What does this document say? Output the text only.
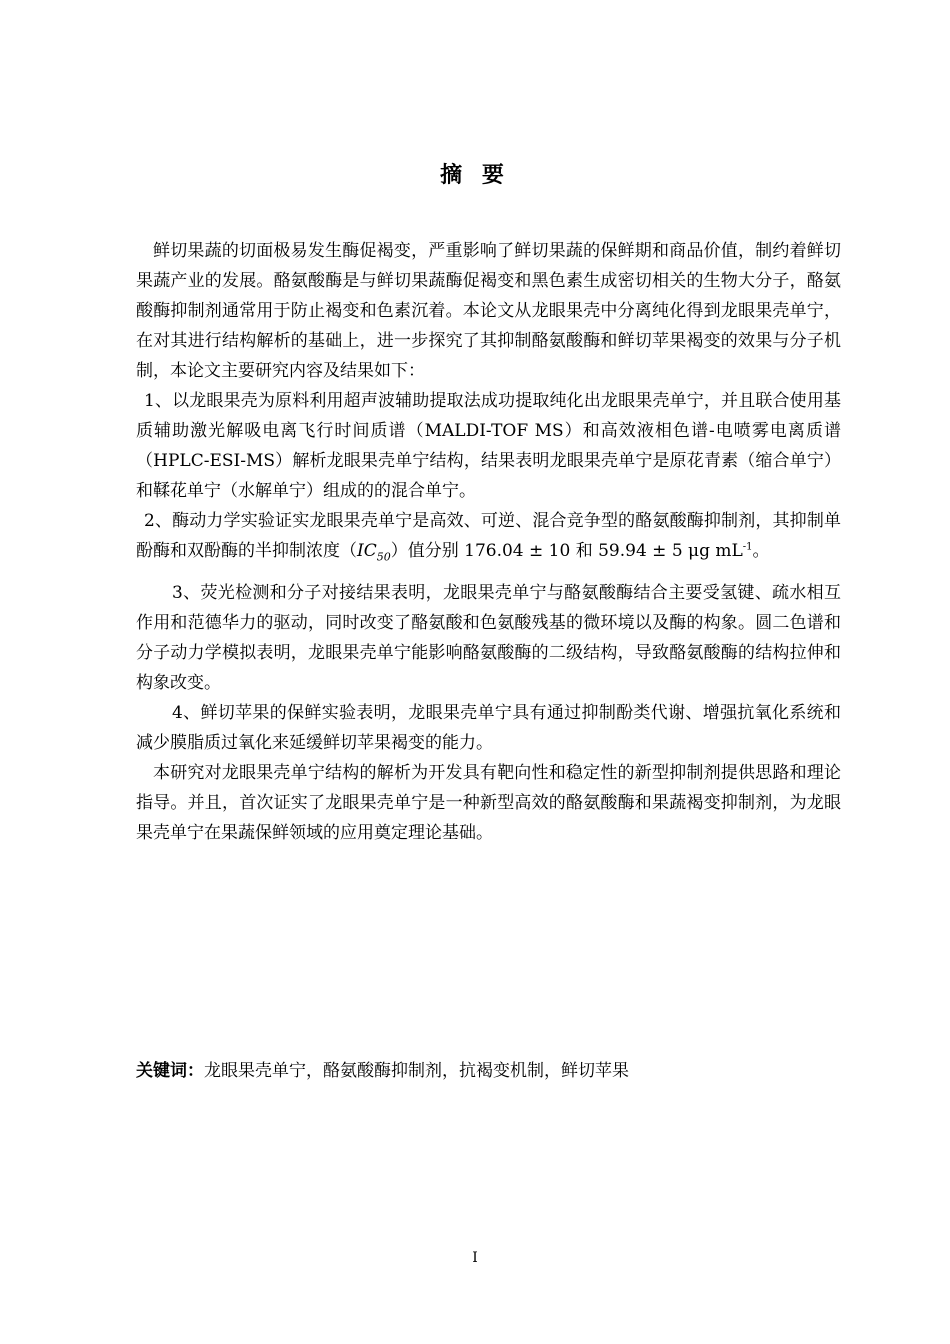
摘 要

鲜切果蔬的切面极易发生酶促褐变，严重影响了鲜切果蔬的保鲜期和商品价值，制约着鲜切果蔬产业的发展。酪氨酸酶是与鲜切果蔬酶促褐变和黑色素生成密切相关的生物大分子，酪氨酸酶抑制剂通常用于防止褐变和色素沉着。本论文从龙眼果壳中分离纯化得到龙眼果壳单宁，在对其进行结构解析的基础上，进一步探究了其抑制酪氨酸酶和鲜切苹果褐变的效果与分子机制，本论文主要研究内容及结果如下：

1、以龙眼果壳为原料利用超声波辅助提取法成功提取纯化出龙眼果壳单宁，并且联合使用基质辅助激光解吸电离飞行时间质谱（MALDI-TOF MS）和高效液相色谱-电喷雾电离质谱（HPLC-ESI-MS）解析龙眼果壳单宁结构，结果表明龙眼果壳单宁是原花青素（缩合单宁）和鞣花单宁（水解单宁）组成的的混合单宁。

2、酶动力学实验证实龙眼果壳单宁是高效、可逆、混合竞争型的酪氨酸酶抑制剂，其抑制单酚酶和双酚酶的半抑制浓度$(IC_{50})$值分别 176.04 ± 10 和 59.94 ± 5 μg $mL^{-1}$。

3、荧光检测和分子对接结果表明，龙眼果壳单宁与酪氨酸酶结合主要受氢键、疏水相互作用和范德华力的驱动，同时改变了酪氨酸和色氨酸残基的微环境以及酶的构象。圆二色谱和分子动力学模拟表明，龙眼果壳单宁能影响酪氨酸酶的二级结构，导致酪氨酸酶的结构拉伸和构象改变。

4、鲜切苹果的保鲜实验表明，龙眼果壳单宁具有通过抑制酚类代谢、增强抗氧化系统和减少膜脂质过氧化来延缓鲜切苹果褐变的能力。

本研究对龙眼果壳单宁结构的解析为开发具有靶向性和稳定性的新型抑制剂提供思路和理论指导。并且，首次证实了龙眼果壳单宁是一种新型高效的酪氨酸酶和果蔬褐变抑制剂，为龙眼果壳单宁在果蔬保鲜领域的应用奠定理论基础。

关键词：龙眼果壳单宁，酪氨酸酶抑制剂，抗褐变机制，鲜切苹果
I
